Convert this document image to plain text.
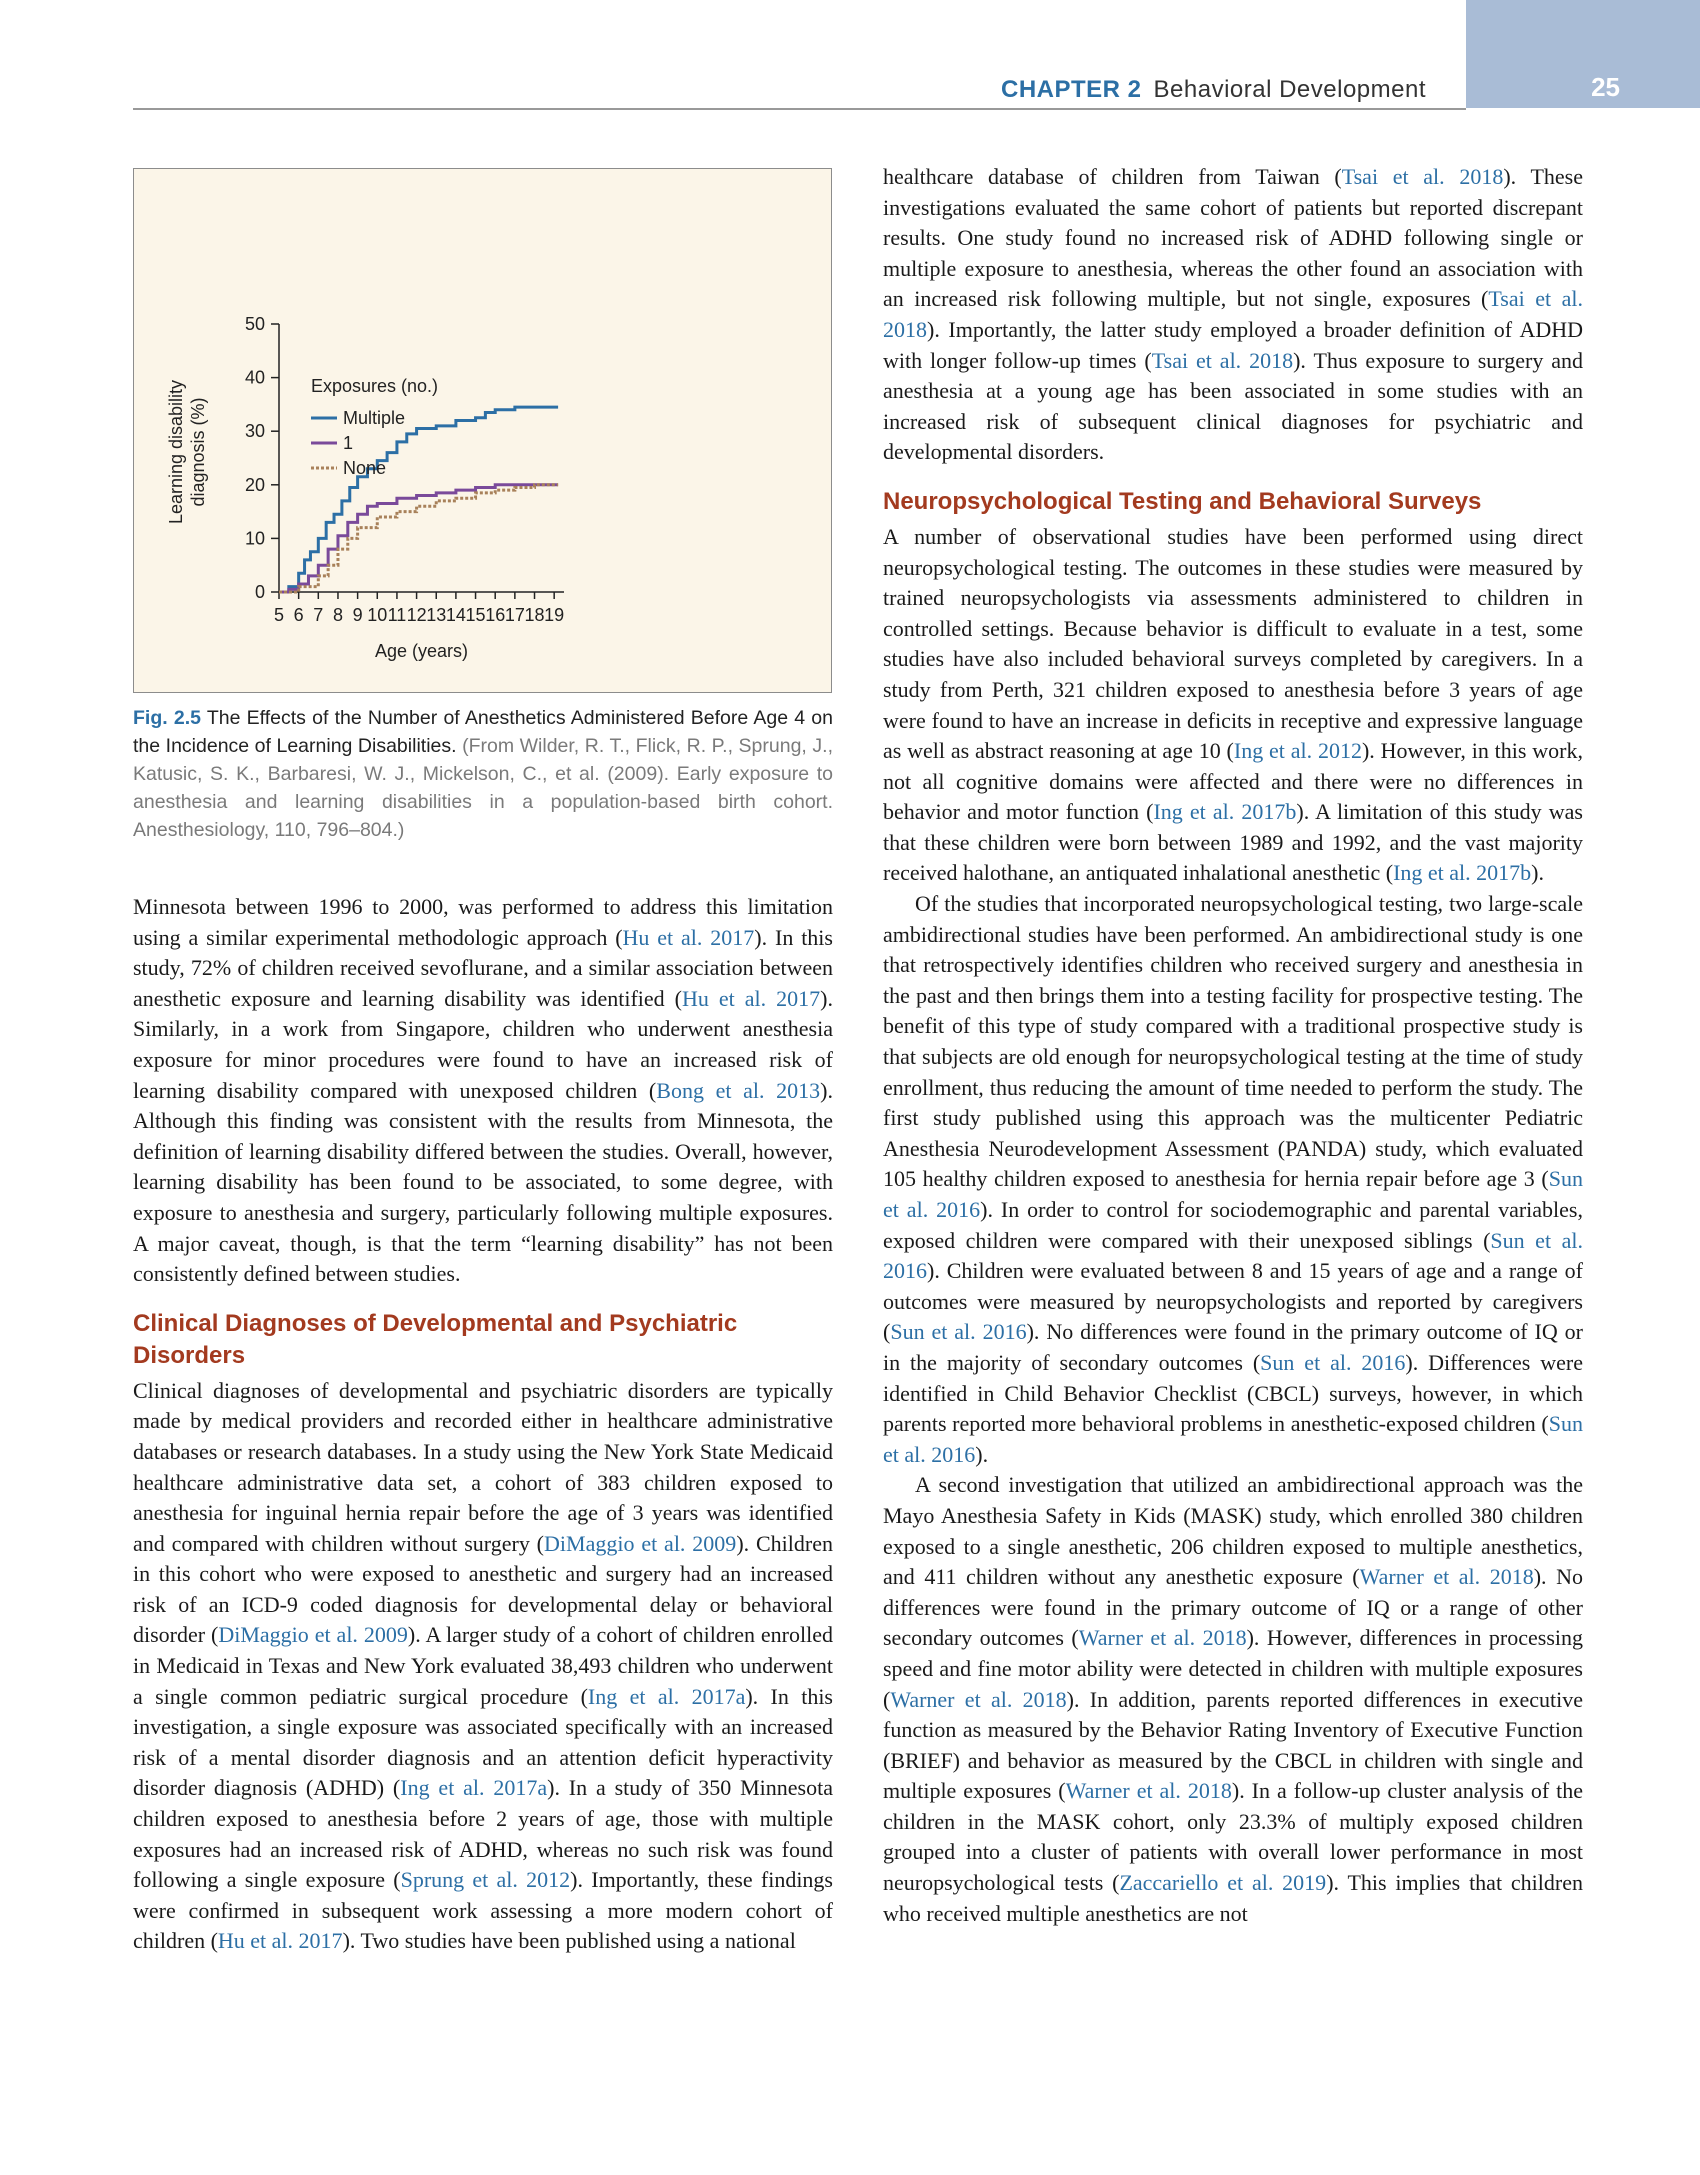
25
CHAPTER 2 Behavioral Development
0
10
20
30
40
50
5 6 7 8 9 10 11 12 13 14 15 16 17 18 19
Age (years)
Learning disability diagnosis (%)
Exposures (no.)
Multiple
1
None
Fig. 2.5 The Effects of the Number of Anesthetics Administered Before Age 4 on the Incidence of Learning Disabilities. (From Wilder, R. T., Flick, R. P., Sprung, J., Katusic, S. K., Barbaresi, W. J., Mickelson, C., et al. (2009). Early exposure to anesthesia and learning disabilities in a population-based birth cohort. Anesthesiology, 110, 796–804.)

Minnesota between 1996 to 2000, was performed to address this limitation using a similar experimental methodologic approach (Hu et al. 2017). In this study, 72% of children received sevoflurane, and a similar association between anesthetic exposure and learning disability was identified (Hu et al. 2017). Similarly, in a work from Singapore, children who underwent anesthesia exposure for minor procedures were found to have an increased risk of learning disability compared with unexposed children (Bong et al. 2013). Although this finding was consistent with the results from Minnesota, the definition of learning disability differed between the studies. Overall, however, learning disability has been found to be associated, to some degree, with exposure to anesthesia and surgery, particularly following multiple exposures. A major caveat, though, is that the term “learning disability” has not been consistently defined between studies.

Clinical Diagnoses of Developmental and Psychiatric Disorders

Clinical diagnoses of developmental and psychiatric disorders are typically made by medical providers and recorded either in healthcare administrative databases or research databases. In a study using the New York State Medicaid healthcare administrative data set, a cohort of 383 children exposed to anesthesia for inguinal hernia repair before the age of 3 years was identified and compared with children without surgery (DiMaggio et al. 2009). Children in this cohort who were exposed to anesthetic and surgery had an increased risk of an ICD-9 coded diagnosis for developmental delay or behavioral disorder (DiMaggio et al. 2009). A larger study of a cohort of children enrolled in Medicaid in Texas and New York evaluated 38,493 children who underwent a single common pediatric surgical procedure (Ing et al. 2017a). In this investigation, a single exposure was associated specifically with an increased risk of a mental disorder diagnosis and an attention deficit hyperactivity disorder diagnosis (ADHD) (Ing et al. 2017a). In a study of 350 Minnesota children exposed to anesthesia before 2 years of age, those with multiple exposures had an increased risk of ADHD, whereas no such risk was found following a single exposure (Sprung et al. 2012). Importantly, these findings were confirmed in subsequent work assessing a more modern cohort of children (Hu et al. 2017). Two studies have been published using a national

healthcare database of children from Taiwan (Tsai et al. 2018). These investigations evaluated the same cohort of patients but reported discrepant results. One study found no increased risk of ADHD following single or multiple exposure to anesthesia, whereas the other found an association with an increased risk following multiple, but not single, exposures (Tsai et al. 2018). Importantly, the latter study employed a broader definition of ADHD with longer follow-up times (Tsai et al. 2018). Thus exposure to surgery and anesthesia at a young age has been associated in some studies with an increased risk of subsequent clinical diagnoses for psychiatric and developmental disorders.

Neuropsychological Testing and Behavioral Surveys

A number of observational studies have been performed using direct neuropsychological testing. The outcomes in these studies were measured by trained neuropsychologists via assessments administered to children in controlled settings. Because behavior is difficult to evaluate in a test, some studies have also included behavioral surveys completed by caregivers. In a study from Perth, 321 children exposed to anesthesia before 3 years of age were found to have an increase in deficits in receptive and expressive language as well as abstract reasoning at age 10 (Ing et al. 2012). However, in this work, not all cognitive domains were affected and there were no differences in behavior and motor function (Ing et al. 2017b). A limitation of this study was that these children were born between 1989 and 1992, and the vast majority received halothane, an antiquated inhalational anesthetic (Ing et al. 2017b).

Of the studies that incorporated neuropsychological testing, two large-scale ambidirectional studies have been performed. An ambidirectional study is one that retrospectively identifies children who received surgery and anesthesia in the past and then brings them into a testing facility for prospective testing. The benefit of this type of study compared with a traditional prospective study is that subjects are old enough for neuropsychological testing at the time of study enrollment, thus reducing the amount of time needed to perform the study. The first study published using this approach was the multicenter Pediatric Anesthesia Neurodevelopment Assessment (PANDA) study, which evaluated 105 healthy children exposed to anesthesia for hernia repair before age 3 (Sun et al. 2016). In order to control for sociodemographic and parental variables, exposed children were compared with their unexposed siblings (Sun et al. 2016). Children were evaluated between 8 and 15 years of age and a range of outcomes were measured by neuropsychologists and reported by caregivers (Sun et al. 2016). No differences were found in the primary outcome of IQ or in the majority of secondary outcomes (Sun et al. 2016). Differences were identified in Child Behavior Checklist (CBCL) surveys, however, in which parents reported more behavioral problems in anesthetic-exposed children (Sun et al. 2016).

A second investigation that utilized an ambidirectional approach was the Mayo Anesthesia Safety in Kids (MASK) study, which enrolled 380 children exposed to a single anesthetic, 206 children exposed to multiple anesthetics, and 411 children without any anesthetic exposure (Warner et al. 2018). No differences were found in the primary outcome of IQ or a range of other secondary outcomes (Warner et al. 2018). However, differences in processing speed and fine motor ability were detected in children with multiple exposures (Warner et al. 2018). In addition, parents reported differences in executive function as measured by the Behavior Rating Inventory of Executive Function (BRIEF) and behavior as measured by the CBCL in children with single and multiple exposures (Warner et al. 2018). In a follow-up cluster analysis of the children in the MASK cohort, only 23.3% of multiply exposed children grouped into a cluster of patients with overall lower performance in most neuropsychological tests (Zaccariello et al. 2019). This implies that children who received multiple anesthetics are not
